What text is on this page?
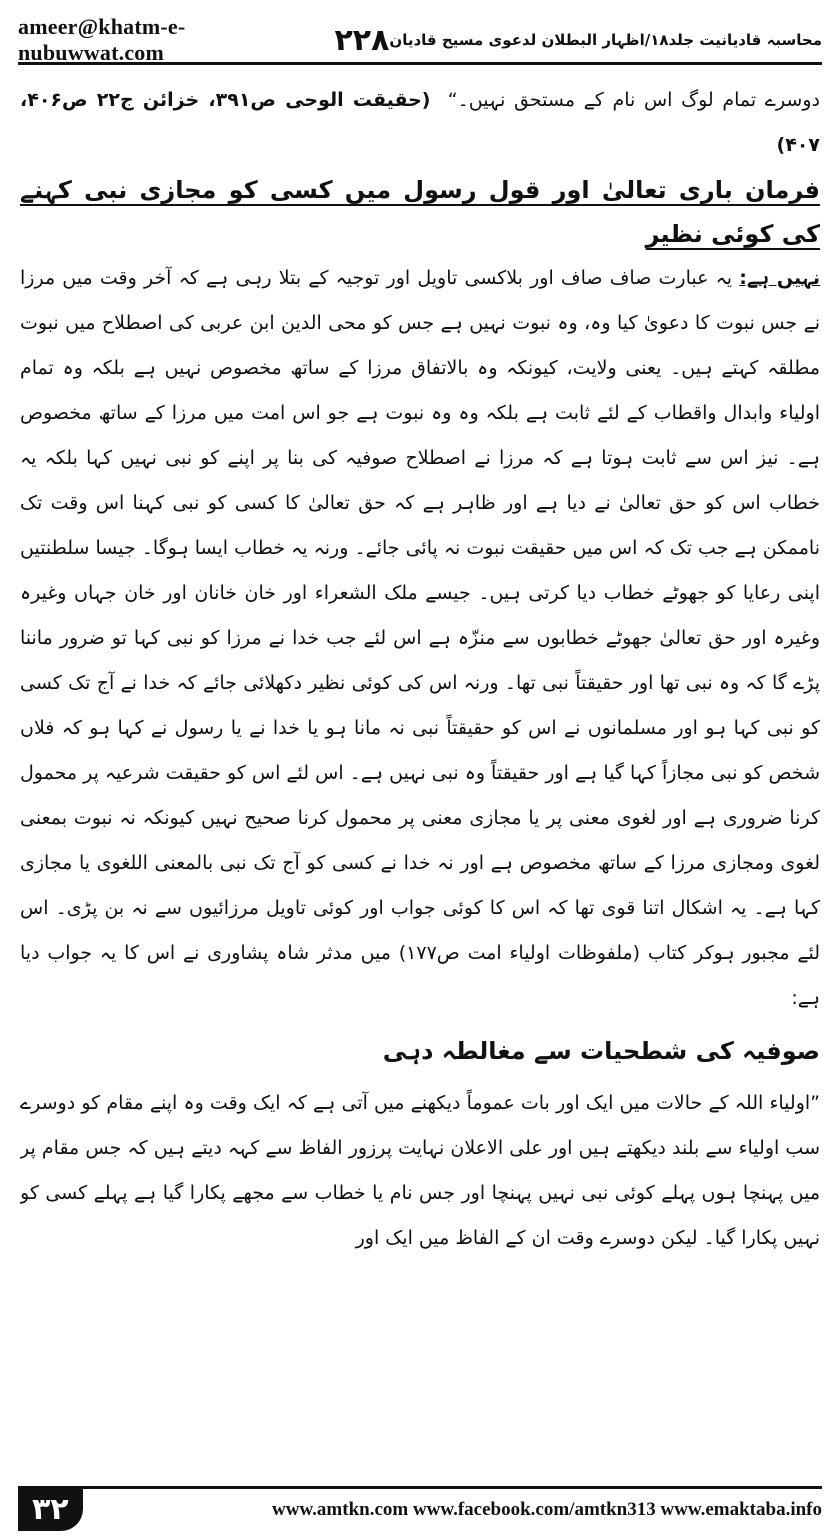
ameer@khatm-e-nubuwwat.com	۲۲۸ محاسبہ قادیانیت جلد۱۸/اظہار البطلان لدعوی مسیح قادیان

دوسرے تمام لوگ اس نام کے مستحق نہیں۔“  (حقیقت الوحی ص۳۹۱، خزائن ج۲۲ ص۴۰۶، ۴۰۷)

فرمان باری تعالیٰ اور قول رسول میں کسی کو مجازی نبی کہنے کی کوئی نظیر

نہیں ہے: یہ عبارت صاف صاف اور بلاکسی تاویل اور توجیہ کے بتلا رہی ہے کہ آخر وقت میں مرزا نے جس نبوت کا دعویٰ کیا وہ، وہ نبوت نہیں ہے جس کو محی الدین ابن عربی کی اصطلاح میں نبوت مطلقہ کہتے ہیں۔ یعنی ولایت، کیونکہ وہ بالاتفاق مرزا کے ساتھ مخصوص نہیں ہے بلکہ وہ تمام اولیاء وابدال واقطاب کے لئے ثابت ہے بلکہ وہ وہ نبوت ہے جو اس امت میں مرزا کے ساتھ مخصوص ہے۔ نیز اس سے ثابت ہوتا ہے کہ مرزا نے اصطلاح صوفیہ کی بنا پر اپنے کو نبی نہیں کہا بلکہ یہ خطاب اس کو حق تعالیٰ نے دیا ہے اور ظاہر ہے کہ حق تعالیٰ کا کسی کو نبی کہنا اس وقت تک ناممکن ہے جب تک کہ اس میں حقیقت نبوت نہ پائی جائے۔ ورنہ یہ خطاب ایسا ہوگا۔ جیسا سلطنتیں اپنی رعایا کو جھوٹے خطاب دیا کرتی ہیں۔ جیسے ملک الشعراء اور خان خانان اور خان جہاں وغیرہ وغیرہ اور حق تعالیٰ جھوٹے خطابوں سے منزّہ ہے اس لئے جب خدا نے مرزا کو نبی کہا تو ضرور ماننا پڑے گا کہ وہ نبی تھا اور حقیقتاً نبی تھا۔ ورنہ اس کی کوئی نظیر دکھلائی جائے کہ خدا نے آج تک کسی کو نبی کہا ہو اور مسلمانوں نے اس کو حقیقتاً نبی نہ مانا ہو یا خدا نے یا رسول نے کہا ہو کہ فلاں شخص کو نبی مجازاً کہا گیا ہے اور حقیقتاً وہ نبی نہیں ہے۔ اس لئے اس کو حقیقت شرعیہ پر محمول کرنا ضروری ہے اور لغوی معنی پر یا مجازی معنی پر محمول کرنا صحیح نہیں کیونکہ نہ نبوت بمعنی لغوی ومجازی مرزا کے ساتھ مخصوص ہے اور نہ خدا نے کسی کو آج تک نبی بالمعنی اللغوی یا مجازی کہا ہے۔ یہ اشکال اتنا قوی تھا کہ اس کا کوئی جواب اور کوئی تاویل مرزائیوں سے نہ بن پڑی۔ اس لئے مجبور ہوکر کتاب (ملفوظات اولیاء امت ص۱۷۷) میں مدثر شاہ پشاوری نے اس کا یہ جواب دیا ہے:

صوفیہ کی شطحیات سے مغالطہ دہی

”اولیاء اللہ کے حالات میں ایک اور بات عموماً دیکھنے میں آتی ہے کہ ایک وقت وہ اپنے مقام کو دوسرے سب اولیاء سے بلند دیکھتے ہیں اور علی الاعلان نہایت پرزور الفاظ سے کہہ دیتے ہیں کہ جس مقام پر میں پہنچا ہوں پہلے کوئی نبی نہیں پہنچا اور جس نام یا خطاب سے مجھے پکارا گیا ہے پہلے کسی کو نہیں پکارا گیا۔ لیکن دوسرے وقت ان کے الفاظ میں ایک اور

۳۲	www.amtkn.com www.facebook.com/amtkn313 www.emaktaba.info
